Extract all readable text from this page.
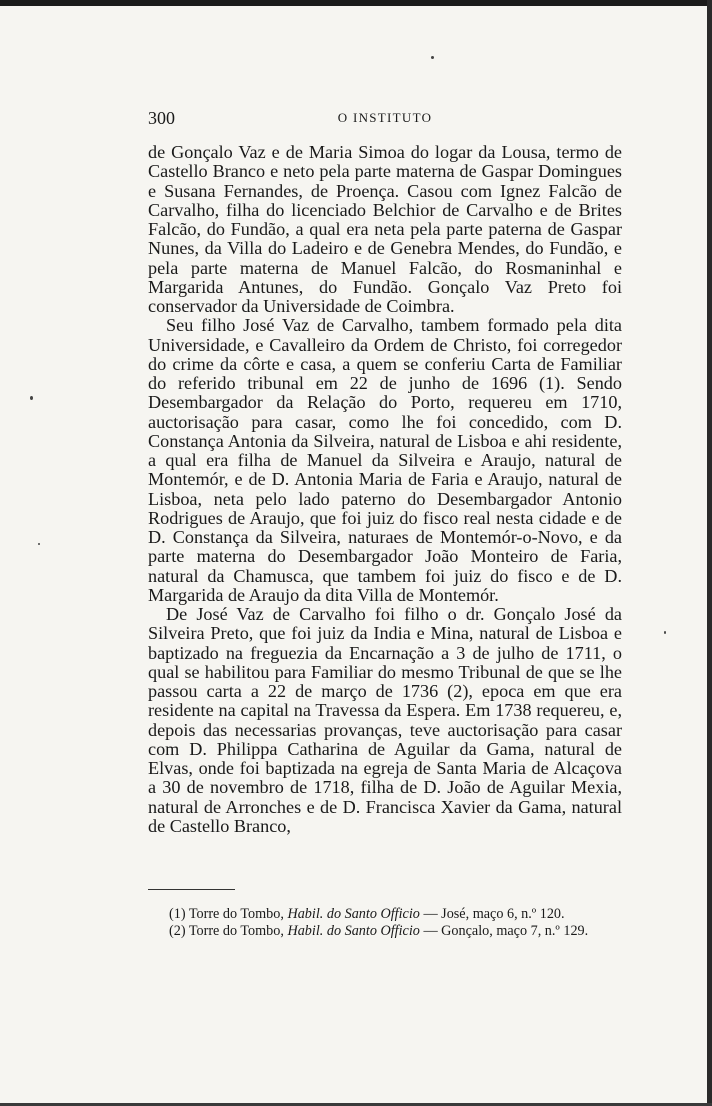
300	O INSTITUTO

de Gonçalo Vaz e de Maria Simoa do logar da Lousa, termo de Castello Branco e neto pela parte materna de Gaspar Domingues e Susana Fernandes, de Proença. Casou com Ignez Falcão de Carvalho, filha do licenciado Belchior de Carvalho e de Brites Falcão, do Fundão, a qual era neta pela parte paterna de Gaspar Nunes, da Villa do Ladeiro e de Genebra Mendes, do Fundão, e pela parte materna de Manuel Falcão, do Rosmaninhal e Margarida Antunes, do Fundão. Gonçalo Vaz Preto foi conservador da Universidade de Coimbra.

Seu filho José Vaz de Carvalho, tambem formado pela dita Universidade, e Cavalleiro da Ordem de Christo, foi corregedor do crime da côrte e casa, a quem se conferiu Carta de Familiar do referido tribunal em 22 de junho de 1696 (1). Sendo Desembargador da Relação do Porto, requereu em 1710, auctorisação para casar, como lhe foi concedido, com D. Constança Antonia da Silveira, natural de Lisboa e ahi residente, a qual era filha de Manuel da Silveira e Araujo, natural de Montemór, e de D. Antonia Maria de Faria e Araujo, natural de Lisboa, neta pelo lado paterno do Desembargador Antonio Rodrigues de Araujo, que foi juiz do fisco real nesta cidade e de D. Constança da Silveira, naturaes de Montemór-o-Novo, e da parte materna do Desembargador João Monteiro de Faria, natural da Chamusca, que tambem foi juiz do fisco e de D. Margarida de Araujo da dita Villa de Montemór.

De José Vaz de Carvalho foi filho o dr. Gonçalo José da Silveira Preto, que foi juiz da India e Mina, natural de Lisboa e baptizado na freguezia da Encarnação a 3 de julho de 1711, o qual se habilitou para Familiar do mesmo Tribunal de que se lhe passou carta a 22 de março de 1736 (2), epoca em que era residente na capital na Travessa da Espera. Em 1738 requereu, e, depois das necessarias provanças, teve auctorisação para casar com D. Philippa Catharina de Aguilar da Gama, natural de Elvas, onde foi baptizada na egreja de Santa Maria de Alcaçova a 30 de novembro de 1718, filha de D. João de Aguilar Mexia, natural de Arronches e de D. Francisca Xavier da Gama, natural de Castello Branco,

(1) Torre do Tombo, Habil. do Santo Officio — José, maço 6, n.º 120.

(2) Torre do Tombo, Habil. do Santo Officio — Gonçalo, maço 7, n.º 129.
